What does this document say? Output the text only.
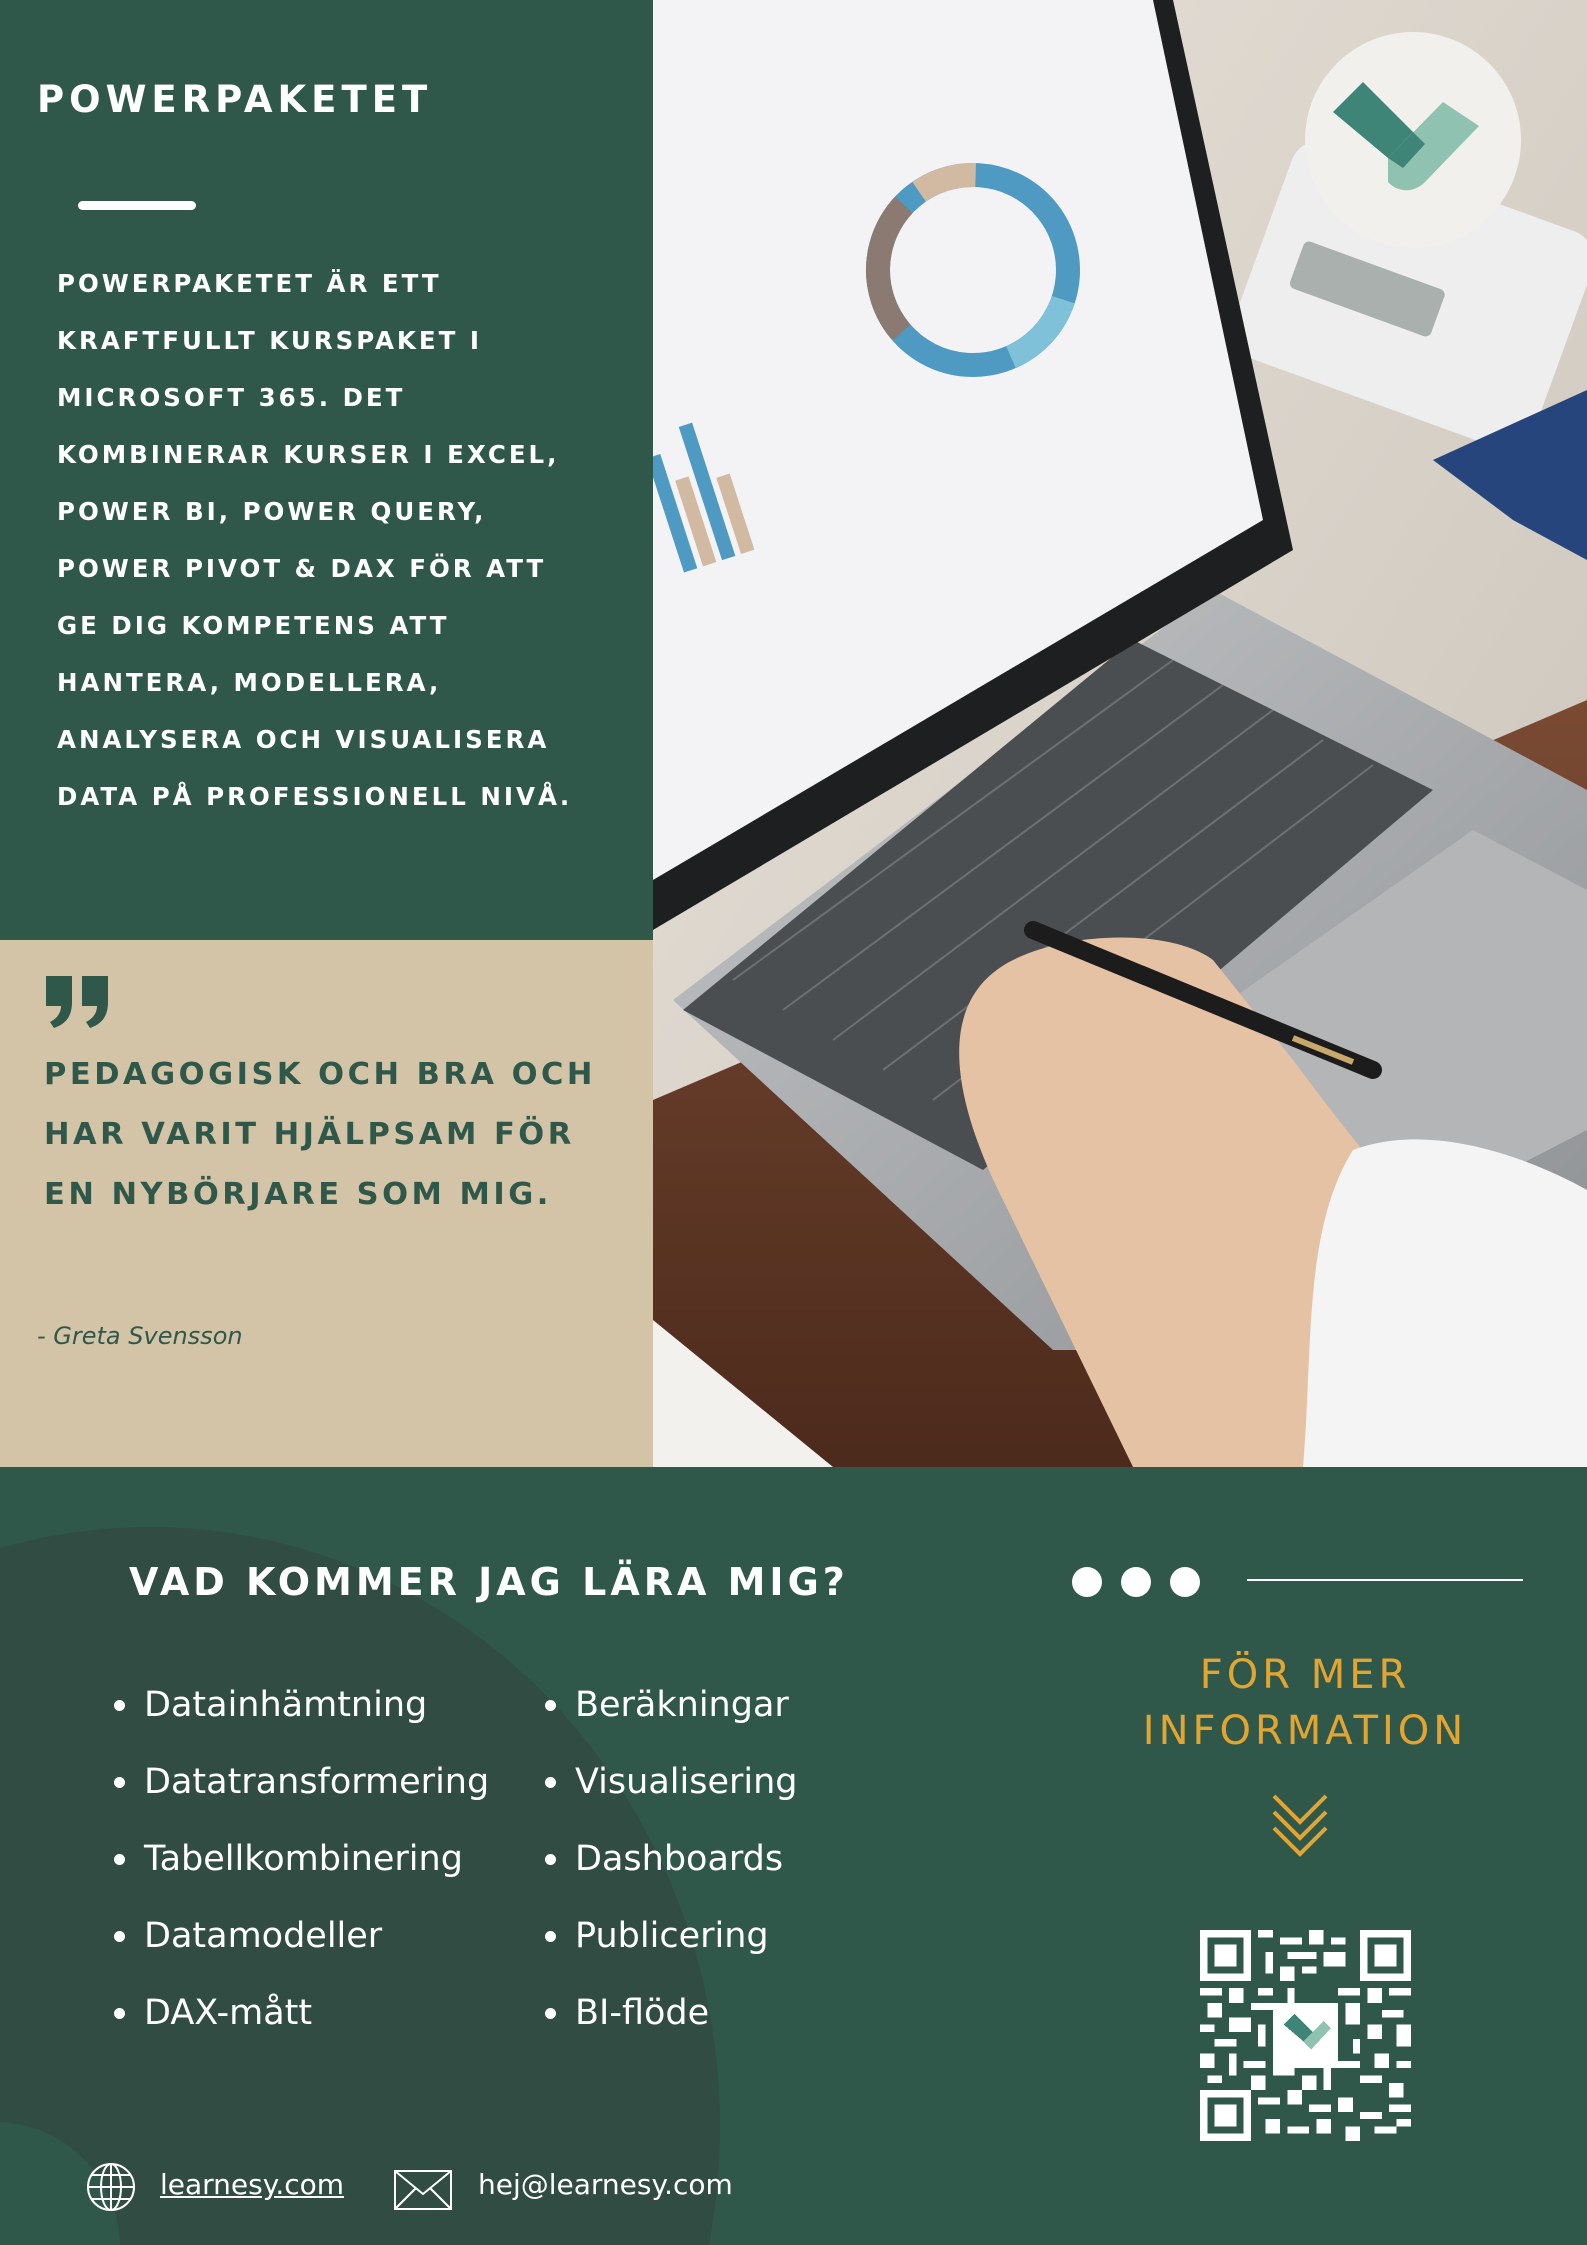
POWERPAKETET
POWERPAKETET ÄR ETT KRAFTFULLT KURSPAKET I MICROSOFT 365. DET KOMBINERAR KURSER I EXCEL, POWER BI, POWER QUERY, POWER PIVOT & DAX FÖR ATT GE DIG KOMPETENS ATT HANTERA, MODELLERA, ANALYSERA OCH VISUALISERA DATA PÅ PROFESSIONELL NIVÅ.
PEDAGOGISK OCH BRA OCH HAR VARIT HJÄLPSAM FÖR EN NYBÖRJARE SOM MIG.
- Greta Svensson
VAD KOMMER JAG LÄRA MIG?
Datainhämtning
Datatransformering
Tabellkombinering
Datamodeller
DAX-mått
Beräkningar
Visualisering
Dashboards
Publicering
BI-flöde
FÖR MER
INFORMATION
learnesy.com	hej@learnesy.com
